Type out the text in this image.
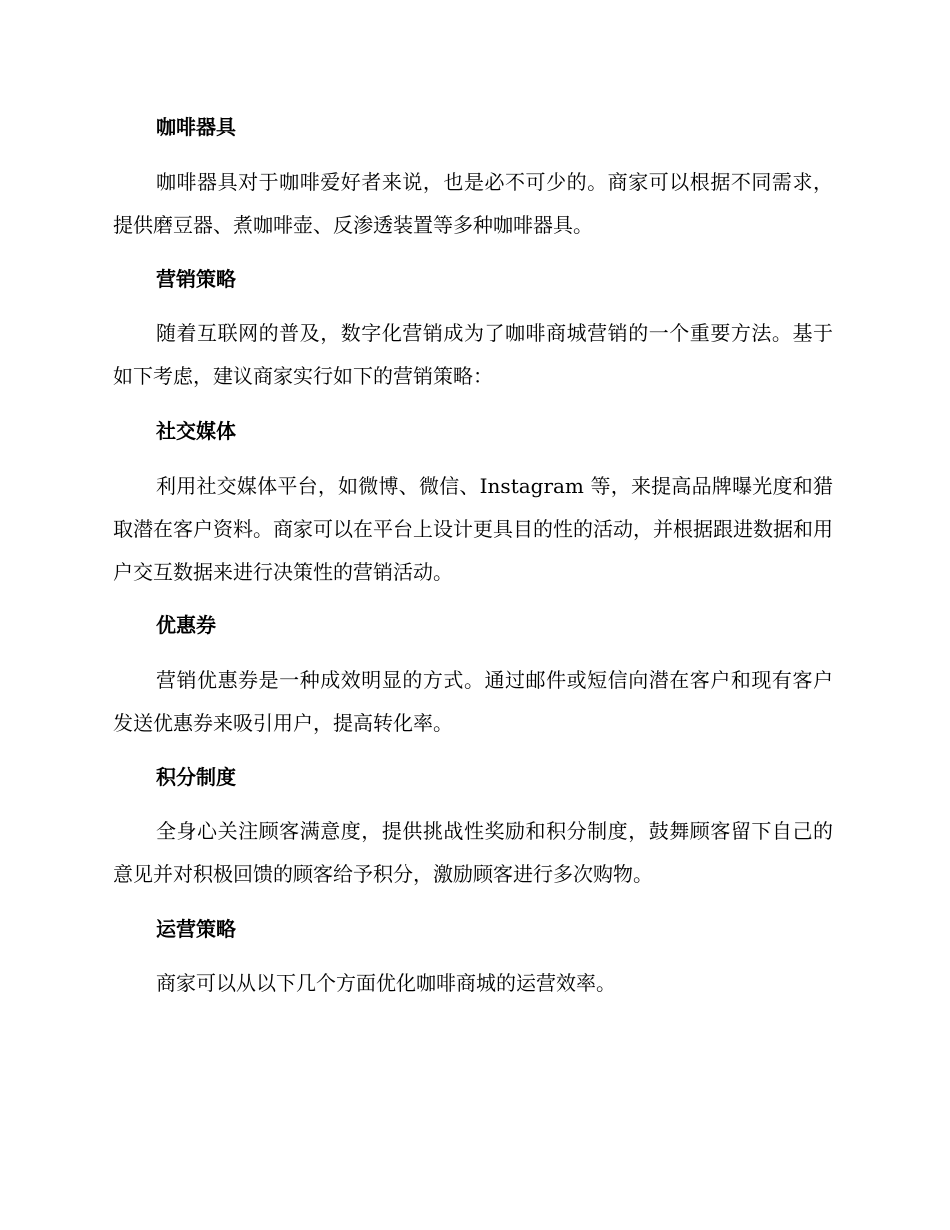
咖啡器具

咖啡器具对于咖啡爱好者来说，也是必不可少的。商家可以根据不同需求，提供磨豆器、煮咖啡壶、反渗透装置等多种咖啡器具。

营销策略

随着互联网的普及，数字化营销成为了咖啡商城营销的一个重要方法。基于如下考虑，建议商家实行如下的营销策略：

社交媒体

利用社交媒体平台，如微博、微信、Instagram 等，来提高品牌曝光度和猎取潜在客户资料。商家可以在平台上设计更具目的性的活动，并根据跟进数据和用户交互数据来进行决策性的营销活动。

优惠券

营销优惠券是一种成效明显的方式。通过邮件或短信向潜在客户和现有客户发送优惠券来吸引用户，提高转化率。

积分制度

全身心关注顾客满意度，提供挑战性奖励和积分制度，鼓舞顾客留下自己的意见并对积极回馈的顾客给予积分，激励顾客进行多次购物。

运营策略

商家可以从以下几个方面优化咖啡商城的运营效率。
